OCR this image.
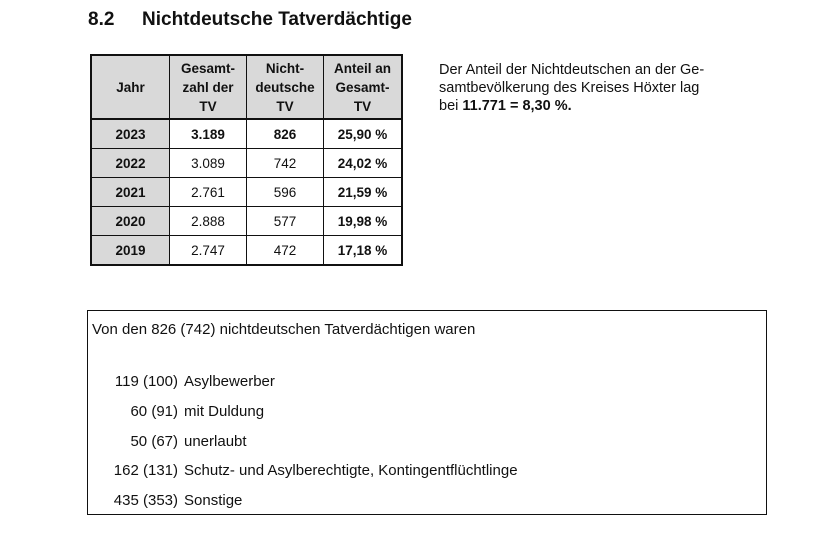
8.2 Nichtdeutsche Tatverdächtige
Jahr	Gesamt-
zahl der
TV	Nicht-
deutsche
TV	Anteil an
Gesamt-
TV
2023	3.189	826	25,90 %
2022	3.089	742	24,02 %
2021	2.761	596	21,59 %
2020	2.888	577	19,98 %
2019	2.747	472	17,18 %
Der Anteil der Nichtdeutschen an der Ge-
samtbevölkerung des Kreises Höxter lag
bei 11.771 = 8,30 %.
Von den 826 (742) nichtdeutschen Tatverdächtigen waren
119 (100) Asylbewerber
60 (91) mit Duldung
50 (67) unerlaubt
162 (131) Schutz- und Asylberechtigte, Kontingentflüchtlinge
435 (353) Sonstige
